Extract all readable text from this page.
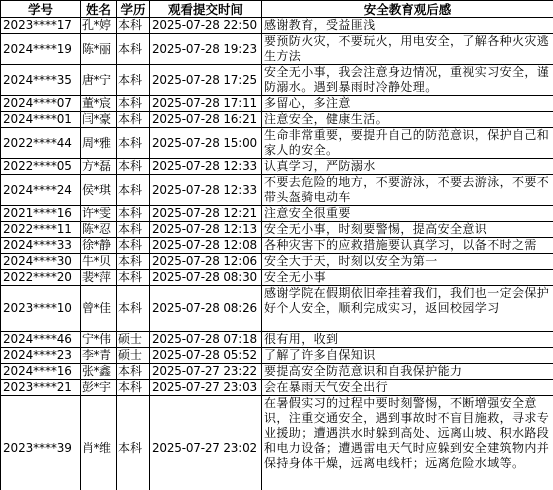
学号	姓名	学历	观看提交时间	安全教育观后感
2023****17	孔*婷	本科	2025-07-28 22:50	感谢教育，受益匪浅
2024****19	陈*丽	本科	2025-07-28 19:23	要预防火灾，不要玩火，用电安全，了解各种火灾逃生方法
2024****35	唐*宁	本科	2025-07-28 17:25	安全无小事，我会注意身边情况，重视实习安全，谨防溺水。遇到暴雨时冷静处理。
2024****07	董*宸	本科	2025-07-28 17:11	多留心，多注意
2024****01	闫*豪	本科	2025-07-28 16:21	注意安全，健康生活。
2022****44	周*雅	本科	2025-07-28 15:00	生命非常重要，要提升自己的防范意识，保护自己和家人的安全。
2022****05	方*磊	本科	2025-07-28 12:33	认真学习，严防溺水
2024****24	侯*琪	本科	2025-07-28 12:33	不要去危险的地方，不要游泳，不要去游泳，不要不带头盔骑电动车
2021****16	许*雯	本科	2025-07-28 12:21	注意安全很重要
2022****11	陈*忍	本科	2025-07-28 12:13	安全无小事，时刻要警惕，提高安全意识
2024****33	徐*静	本科	2025-07-28 12:08	各种灾害下的应救措施要认真学习，以备不时之需
2024****30	牛*贝	本科	2025-07-28 12:06	安全大于天，时刻以安全为第一
2022****20	裴*萍	本科	2025-07-28 08:30	安全无小事
2023****10	曾*佳	本科	2025-07-28 08:26	感谢学院在假期依旧牵挂着我们，我们也一定会保护好个人安全，顺利完成实习，返回校园学习
2024****46	宁*伟	硕士	2025-07-28 07:18	很有用，收到
2024****23	李*青	硕士	2025-07-28 05:52	了解了许多自保知识
2024****16	张*鑫	本科	2025-07-27 23:22	要提高安全防范意识和自我保护能力
2023****21	彭*宇	本科	2025-07-27 23:03	会在暴雨天气安全出行
2023****39	肖*维	本科	2025-07-27 23:02	在暑假实习的过程中要时刻警惕，不断增强安全意识，注重交通安全，遇到事故时不盲目施救，寻求专业援助；遭遇洪水时躲到高处、远离山坡、积水路段和电力设备；遭遇雷电天气时应躲到安全建筑物内并保持身体干燥，远离电线杆；远离危险水域等。
